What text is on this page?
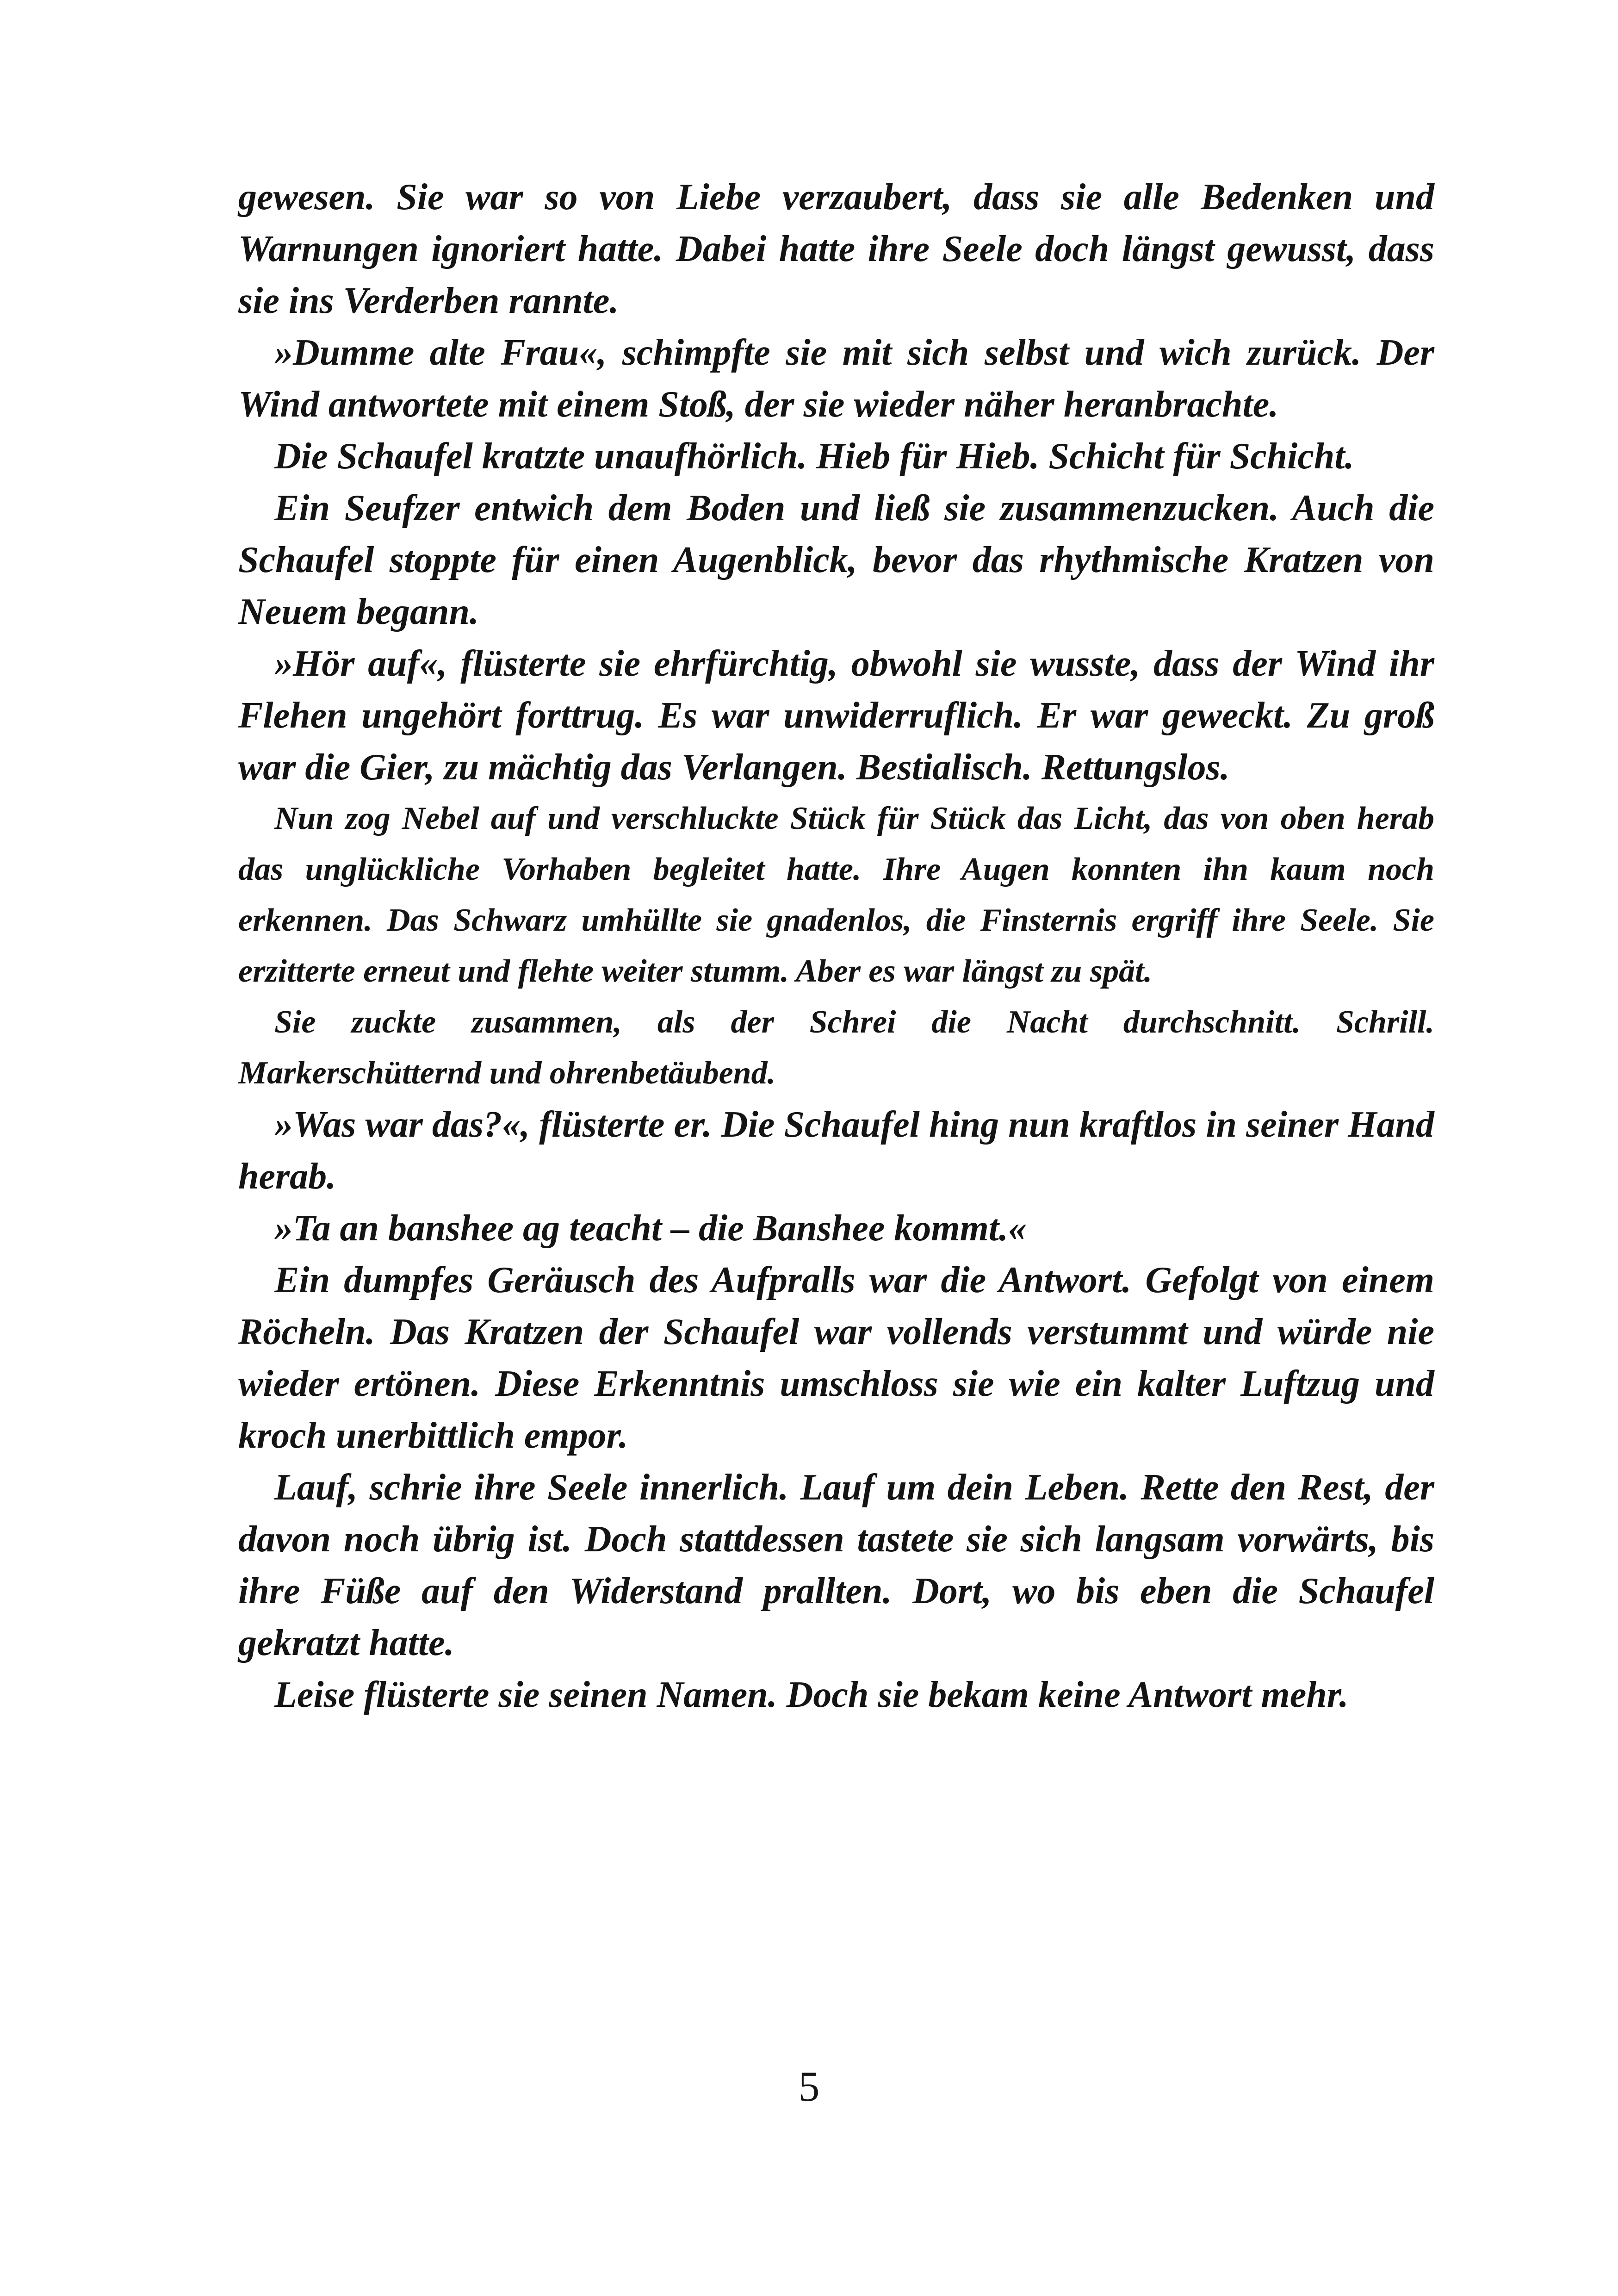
gewesen. Sie war so von Liebe verzaubert, dass sie alle Bedenken und Warnungen ignoriert hatte. Dabei hatte ihre Seele doch längst gewusst, dass sie ins Verderben rannte.

»Dumme alte Frau«, schimpfte sie mit sich selbst und wich zurück. Der Wind antwortete mit einem Stoß, der sie wieder näher heranbrachte.

Die Schaufel kratzte unaufhörlich. Hieb für Hieb. Schicht für Schicht.

Ein Seufzer entwich dem Boden und ließ sie zusammenzucken. Auch die Schaufel stoppte für einen Augenblick, bevor das rhythmische Kratzen von Neuem begann.

»Hör auf«, flüsterte sie ehrfürchtig, obwohl sie wusste, dass der Wind ihr Flehen ungehört forttrug. Es war unwiderruflich. Er war geweckt. Zu groß war die Gier, zu mächtig das Verlangen. Bestialisch. Rettungslos.

Nun zog Nebel auf und verschluckte Stück für Stück das Licht, das von oben herab das unglückliche Vorhaben begleitet hatte. Ihre Augen konnten ihn kaum noch erkennen. Das Schwarz umhüllte sie gnadenlos, die Finsternis ergriff ihre Seele. Sie erzitterte erneut und flehte weiter stumm. Aber es war längst zu spät.

Sie zuckte zusammen, als der Schrei die Nacht durchschnitt. Schrill. Markerschütternd und ohrenbetäubend.

»Was war das?«, flüsterte er. Die Schaufel hing nun kraftlos in seiner Hand herab.

»Ta an banshee ag teacht – die Banshee kommt.«

Ein dumpfes Geräusch des Aufpralls war die Antwort. Gefolgt von einem Röcheln. Das Kratzen der Schaufel war vollends verstummt und würde nie wieder ertönen. Diese Erkenntnis umschloss sie wie ein kalter Luftzug und kroch unerbittlich empor.

Lauf, schrie ihre Seele innerlich. Lauf um dein Leben. Rette den Rest, der davon noch übrig ist. Doch stattdessen tastete sie sich langsam vorwärts, bis ihre Füße auf den Widerstand prallten. Dort, wo bis eben die Schaufel gekratzt hatte.

Leise flüsterte sie seinen Namen. Doch sie bekam keine Antwort mehr.

5
